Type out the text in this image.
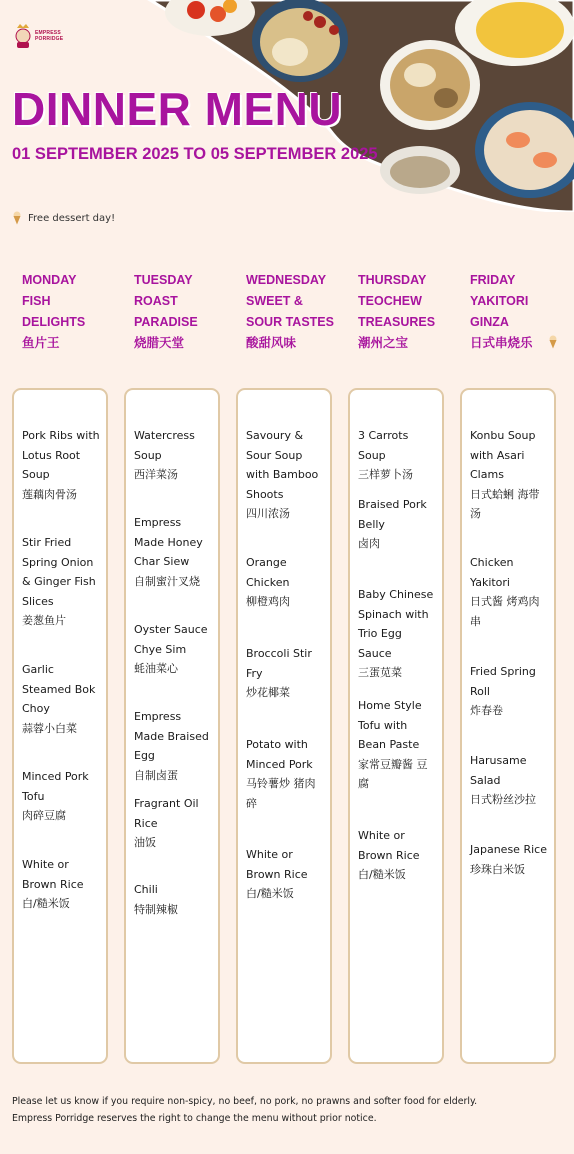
EMPRESS
PORRIDGE
DINNER MENU
01 SEPTEMBER 2025 TO 05 SEPTEMBER 2025
Free dessert day!
MONDAY
FISH
DELIGHTS
鱼片王
TUESDAY
ROAST
PARADISE
烧腊天堂
WEDNESDAY
SWEET &
SOUR TASTES
酸甜风味
THURSDAY
TEOCHEW
TREASURES
潮州之宝
FRIDAY
YAKITORI
GINZA
日式串烧乐
Pork Ribs with Lotus Root Soup
莲藕肉骨汤
Stir Fried Spring Onion & Ginger Fish Slices
姜葱鱼片
Garlic Steamed Bok Choy
蒜蓉小白菜
Minced Pork Tofu
肉碎豆腐
White or Brown Rice
白/糙米饭
Watercress Soup
西洋菜汤
Empress Made Honey Char Siew
自制蜜汁叉烧
Oyster Sauce Chye Sim
蚝油菜心
Empress Made Braised Egg
自制卤蛋
Fragrant Oil Rice
油饭
Chili
特制辣椒
Savoury & Sour Soup with Bamboo Shoots
四川浓汤
Orange Chicken
柳橙鸡肉
Broccoli Stir Fry
炒花椰菜
Potato with Minced Pork
马铃薯炒 猪肉碎
White or Brown Rice
白/糙米饭
3 Carrots Soup
三样萝卜汤
Braised Pork Belly
卤肉
Baby Chinese Spinach with Trio Egg Sauce
三蛋苋菜
Home Style Tofu with Bean Paste
家常豆瓣酱 豆腐
White or Brown Rice
白/糙米饭
Konbu Soup with Asari Clams
日式蛤蜊 海带汤
Chicken Yakitori
日式酱 烤鸡肉串
Fried Spring Roll
炸春卷
Harusame Salad
日式粉丝沙拉
Japanese Rice
珍珠白米饭

Please let us know if you require non-spicy, no beef, no pork, no prawns and softer food for elderly.

Empress Porridge reserves the right to change the menu without prior notice.
